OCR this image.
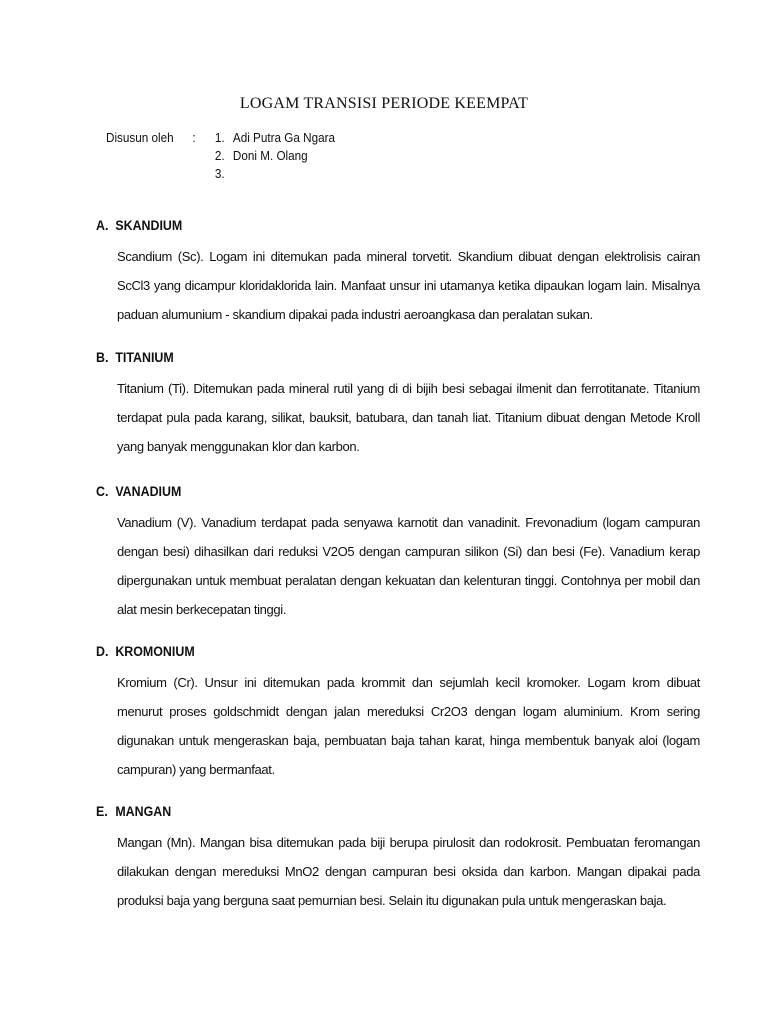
LOGAM TRANSISI PERIODE KEEMPAT
Disusun oleh : 1. Adi Putra Ga Ngara
2. Doni M. Olang
3.
A. SKANDIUM

Scandium (Sc). Logam ini ditemukan pada mineral torvetit. Skandium dibuat dengan elektrolisis cairan ScCl3 yang dicampur kloridaklorida lain. Manfaat unsur ini utamanya ketika dipaukan logam lain. Misalnya paduan alumunium - skandium dipakai pada industri aeroangkasa dan peralatan sukan.

B. TITANIUM

Titanium (Ti). Ditemukan pada mineral rutil yang di di bijih besi sebagai ilmenit dan ferrotitanate. Titanium terdapat pula pada karang, silikat, bauksit, batubara, dan tanah liat. Titanium dibuat dengan Metode Kroll yang banyak menggunakan klor dan karbon.

C. VANADIUM

Vanadium (V). Vanadium terdapat pada senyawa karnotit dan vanadinit. Frevonadium (logam campuran dengan besi) dihasilkan dari reduksi V2O5 dengan campuran silikon (Si) dan besi (Fe). Vanadium kerap dipergunakan untuk membuat peralatan dengan kekuatan dan kelenturan tinggi. Contohnya per mobil dan alat mesin berkecepatan tinggi.

D. KROMONIUM

Kromium (Cr). Unsur ini ditemukan pada krommit dan sejumlah kecil kromoker. Logam krom dibuat menurut proses goldschmidt dengan jalan mereduksi Cr2O3 dengan logam aluminium. Krom sering digunakan untuk mengeraskan baja, pembuatan baja tahan karat, hinga membentuk banyak aloi (logam campuran) yang bermanfaat.

E. MANGAN

Mangan (Mn). Mangan bisa ditemukan pada biji berupa pirulosit dan rodokrosit. Pembuatan feromangan dilakukan dengan mereduksi MnO2 dengan campuran besi oksida dan karbon. Mangan dipakai pada produksi baja yang berguna saat pemurnian besi. Selain itu digunakan pula untuk mengeraskan baja.
